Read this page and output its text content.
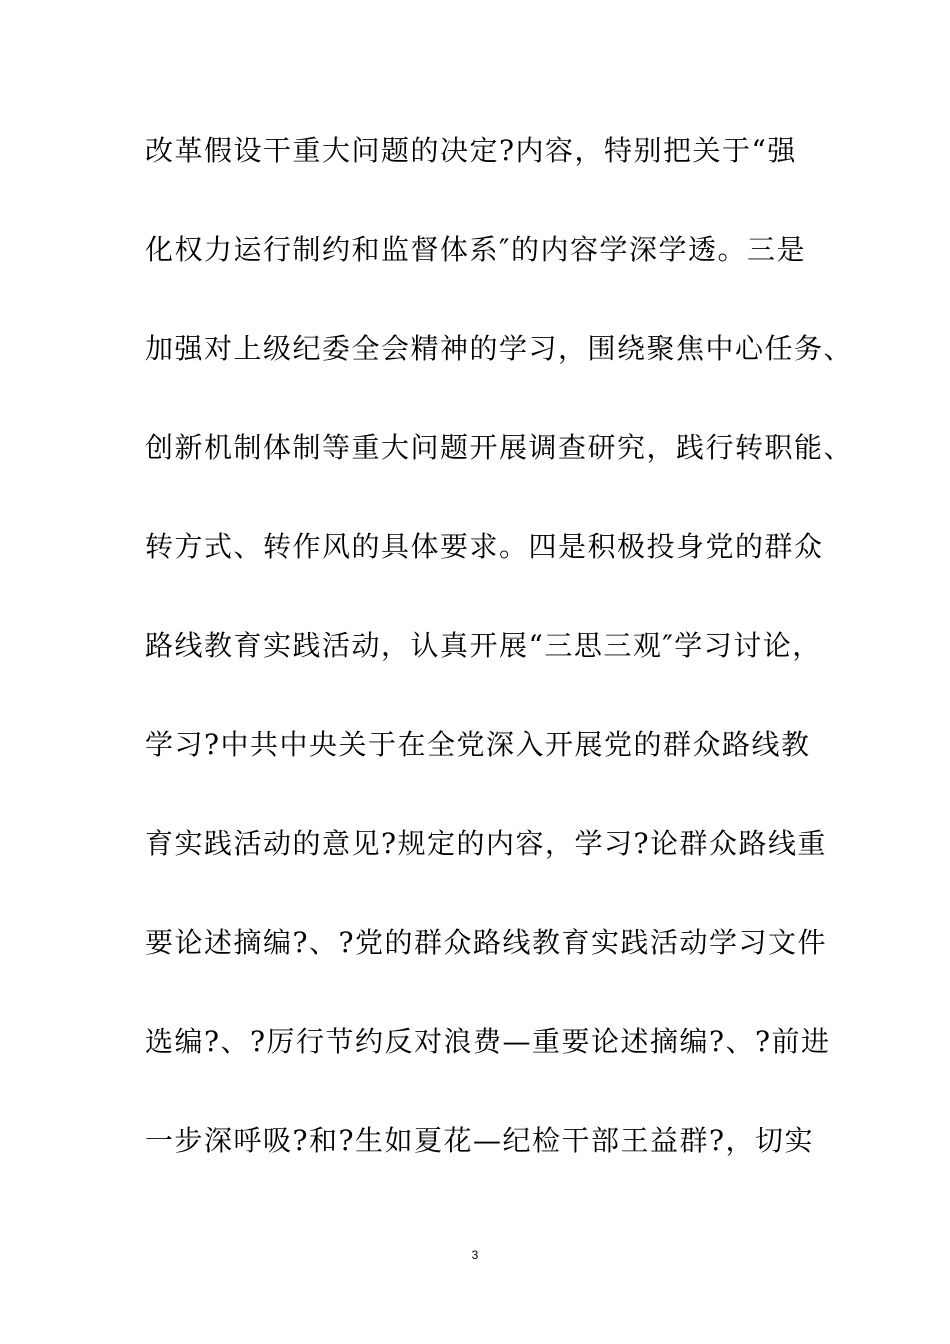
改革假设干重大问题的决定?内容，特别把关于“强
化权力运行制约和监督体系″的内容学深学透。三是
加强对上级纪委全会精神的学习，围绕聚焦中心任务、
创新机制体制等重大问题开展调查研究，践行转职能、
转方式、转作风的具体要求。四是积极投身党的群众
路线教育实践活动，认真开展“三思三观″学习讨论，
学习?中共中央关于在全党深入开展党的群众路线教
育实践活动的意见?规定的内容，学习?论群众路线重
要论述摘编?、?党的群众路线教育实践活动学习文件
选编?、?厉行节约反对浪费—重要论述摘编?、?前进
一步深呼吸?和?生如夏花—纪检干部王益群?，切实
3
